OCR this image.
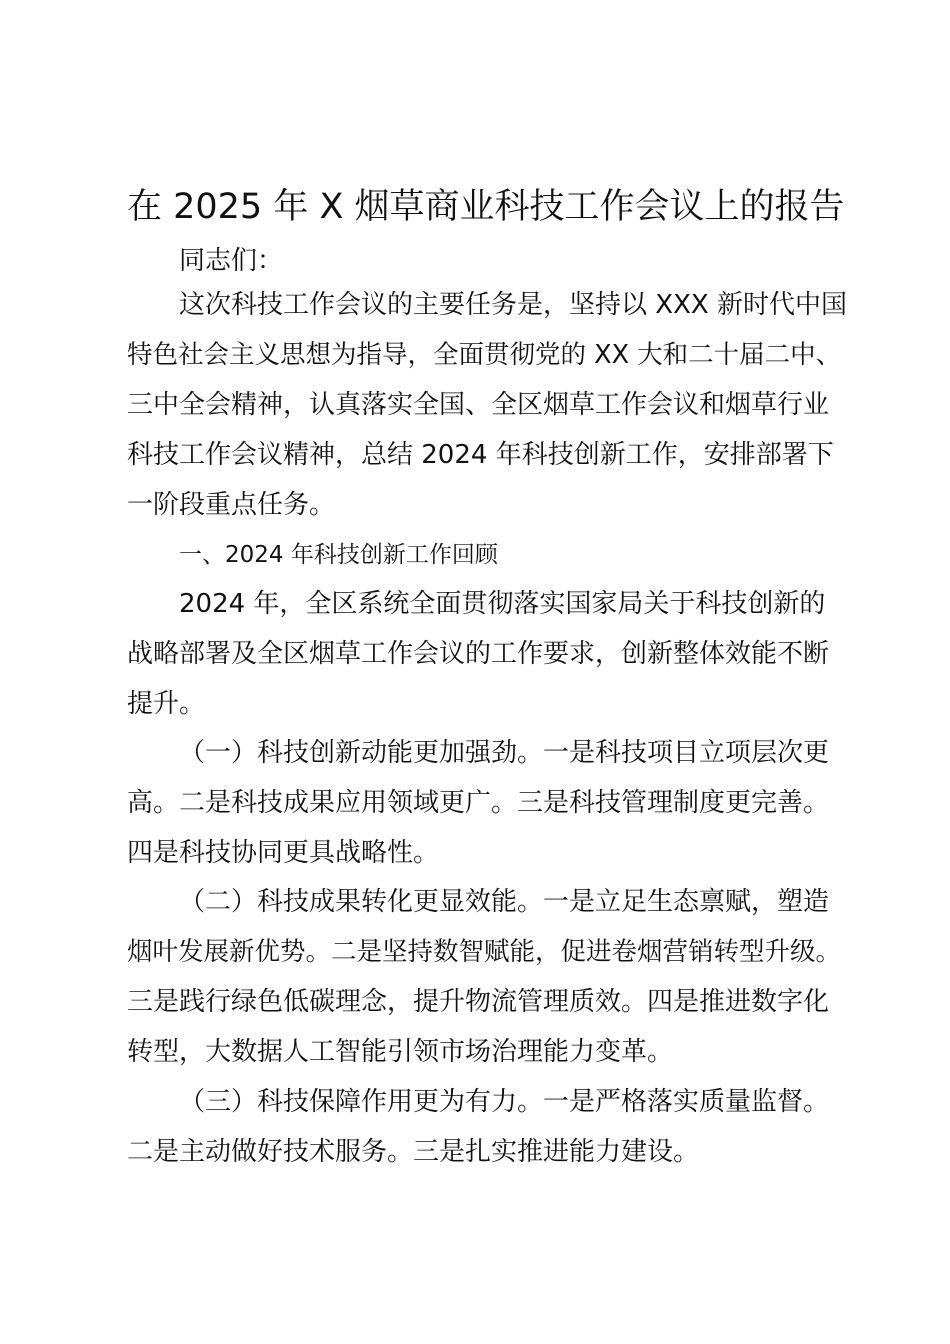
在 2025 年 X 烟草商业科技工作会议上的报告
同志们：
这次科技工作会议的主要任务是，坚持以 XXX 新时代中国
特色社会主义思想为指导，全面贯彻党的 XX 大和二十届二中、
三中全会精神，认真落实全国、全区烟草工作会议和烟草行业
科技工作会议精神，总结 2024 年科技创新工作，安排部署下
一阶段重点任务。
一、2024 年科技创新工作回顾
2024 年，全区系统全面贯彻落实国家局关于科技创新的
战略部署及全区烟草工作会议的工作要求，创新整体效能不断
提升。
（一）科技创新动能更加强劲。一是科技项目立项层次更
高。二是科技成果应用领域更广。三是科技管理制度更完善。
四是科技协同更具战略性。
（二）科技成果转化更显效能。一是立足生态禀赋，塑造
烟叶发展新优势。二是坚持数智赋能，促进卷烟营销转型升级。
三是践行绿色低碳理念，提升物流管理质效。四是推进数字化
转型，大数据人工智能引领市场治理能力变革。
（三）科技保障作用更为有力。一是严格落实质量监督。
二是主动做好技术服务。三是扎实推进能力建设。
